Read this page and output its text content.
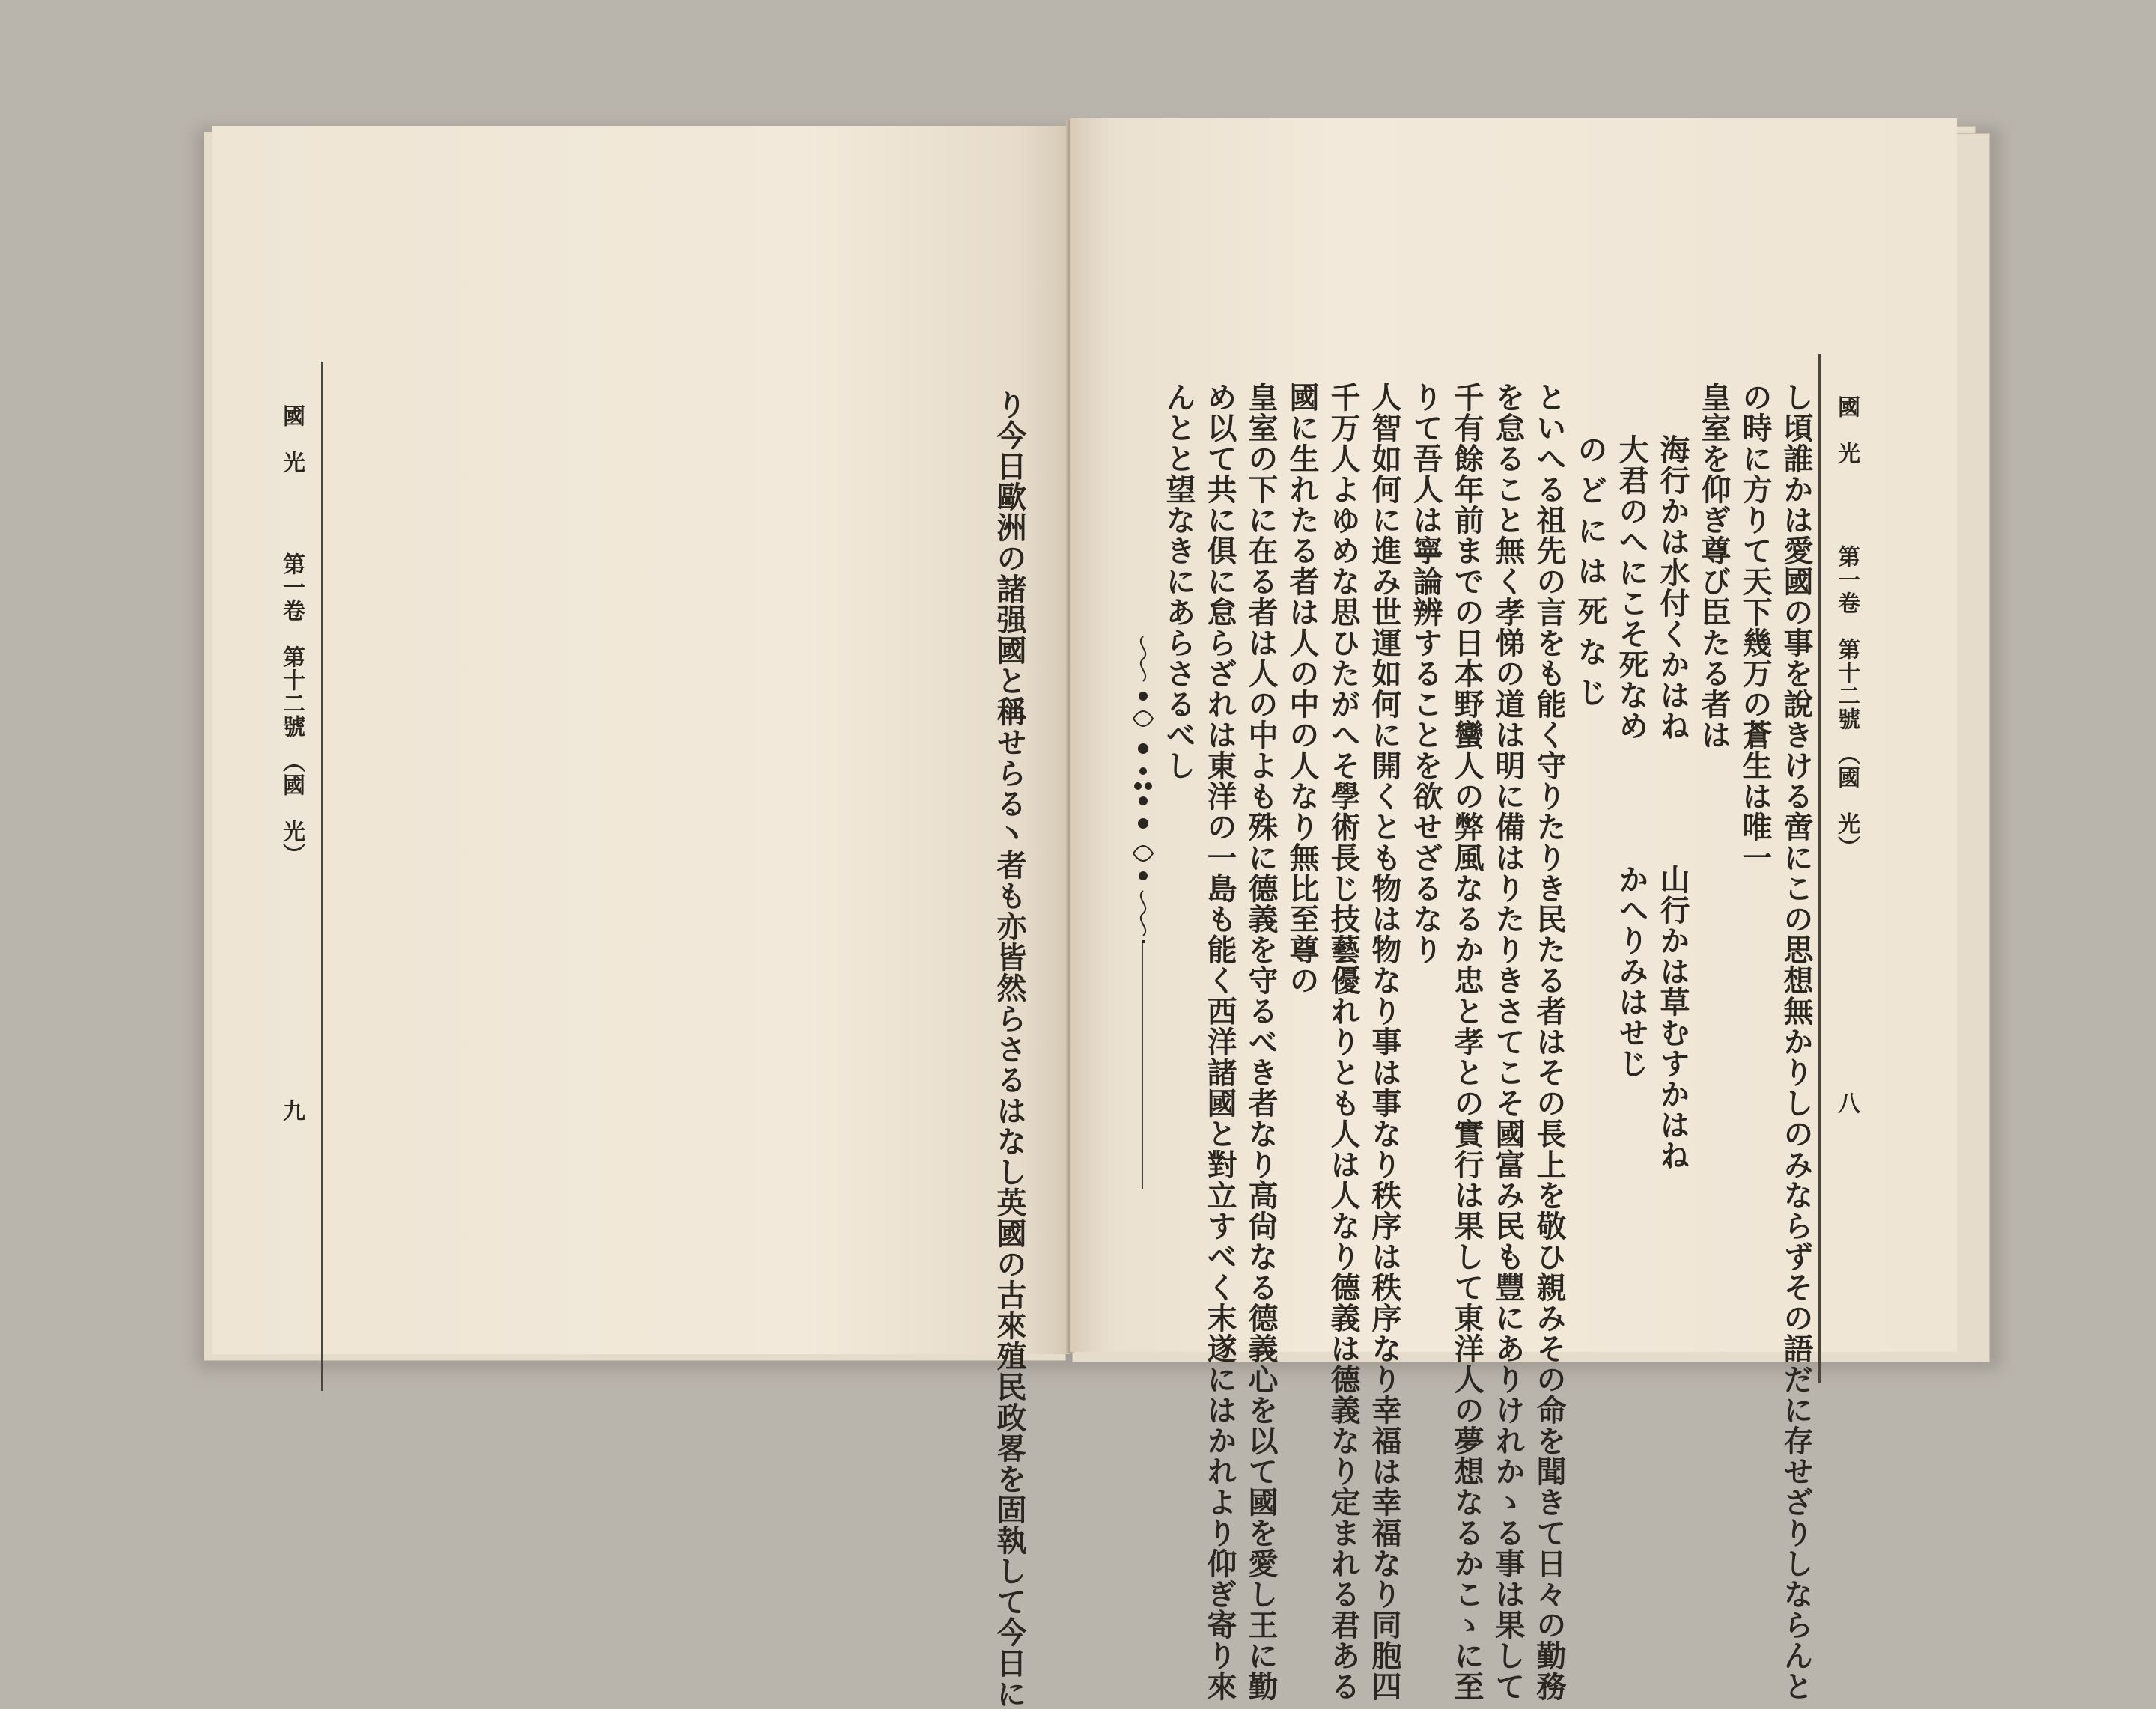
國　光
第一卷　第十二號　（國　光）
九	り今日歐洲の諸强國と稱せらる丶者も亦皆然らさるはなし英國の古來殖民政畧を固執して今日に	國　光
第一卷　第十二號　（國　光）
八
し頃誰かは愛國の事を說きける啻にこの思想無かりしのみならずその語だに存せざりしならんと
の時に方りて天下幾万の蒼生は唯一
皇室を仰ぎ尊び臣たる者は
海行かは水付くかはね　　　　山行かは草むすかはね
大君のへにこそ死なめ　　　　かへりみはせじ
のどには死なじ
といへる祖先の言をも能く守りたりき民たる者はその長上を敬ひ親みその命を聞きて日々の勤務
を怠ること無く孝悌の道は明に備はりたりきさてこそ國富み民も豐にありけれかゝる事は果して
千有餘年前までの日本野蠻人の弊風なるか忠と孝との實行は果して東洋人の夢想なるかこゝに至
りて吾人は寧論辨することを欲せざるなり
人智如何に進み世運如何に開くとも物は物なり事は事なり秩序は秩序なり幸福は幸福なり同胞四
千万人よゆめな思ひたがへそ學術長じ技藝優れりとも人は人なり德義は德義なり定まれる君ある
國に生れたる者は人の中の人なり無比至尊の
皇室の下に在る者は人の中よも殊に德義を守るべき者なり高尙なる德義心を以て國を愛し王に勤
め以て共に俱に怠らざれは東洋の一島も能く西洋諸國と對立すべく末遂にはかれより仰ぎ寄り來
んとと望なきにあらさるべし
